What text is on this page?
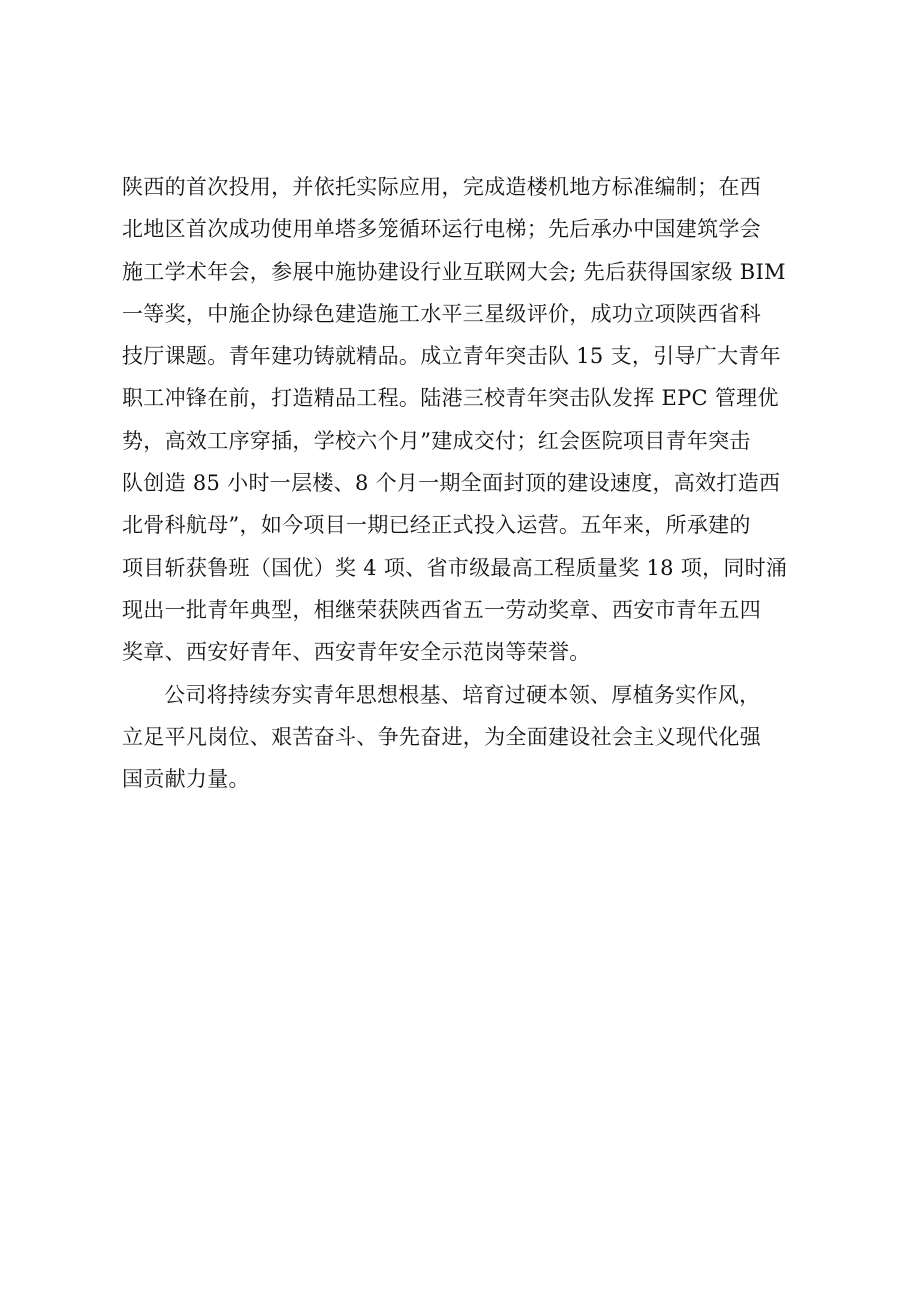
陕西的首次投用，并依托实际应用，完成造楼机地方标准编制；在西
北地区首次成功使用单塔多笼循环运行电梯；先后承办中国建筑学会
施工学术年会，参展中施协建设行业互联网大会; 先后获得国家级 BIM
一等奖，中施企协绿色建造施工水平三星级评价，成功立项陕西省科
技厅课题。青年建功铸就精品。成立青年突击队 15 支，引导广大青年
职工冲锋在前，打造精品工程。陆港三校青年突击队发挥 EPC 管理优
势，高效工序穿插，学校六个月”建成交付；红会医院项目青年突击
队创造 85 小时一层楼、8 个月一期全面封顶的建设速度，高效打造西
北骨科航母”，如今项目一期已经正式投入运营。五年来，所承建的
项目斩获鲁班（国优）奖 4 项、省市级最高工程质量奖 18 项，同时涌
现出一批青年典型，相继荣获陕西省五一劳动奖章、西安市青年五四
奖章、西安好青年、西安青年安全示范岗等荣誉。
公司将持续夯实青年思想根基、培育过硬本领、厚植务实作风，
立足平凡岗位、艰苦奋斗、争先奋进，为全面建设社会主义现代化强
国贡献力量。
